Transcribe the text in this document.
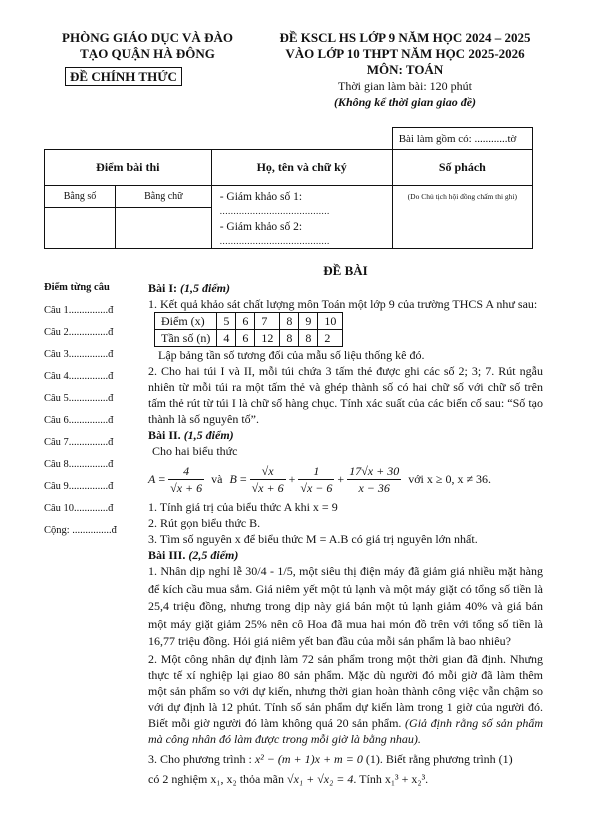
PHÒNG GIÁO DỤC VÀ ĐÀO
TẠO QUẬN HÀ ĐÔNG
ĐỀ CHÍNH THỨC
ĐỀ KSCL HS LỚP 9 NĂM HỌC 2024 – 2025
VÀO LỚP 10 THPT NĂM HỌC 2025-2026
MÔN: TOÁN
Thời gian làm bài: 120 phút
(Không kể thời gian giao đề)
			Bài làm gồm có: ............tờ
Điểm bài thi		Họ, tên và chữ ký	Số phách
Bằng số	Bằng chữ	- Giám khảo số 1:
........................................
- Giám khảo số 2:
........................................	(Do Chủ tịch hội đồng chấm thi ghi)

Điểm từng câu
Câu 1...............đ
Câu 2...............đ
Câu 3...............đ
Câu 4...............đ
Câu 5...............đ
Câu 6...............đ
Câu 7...............đ
Câu 8...............đ
Câu 9...............đ
Câu 10.............đ
Cộng: ...............đ
ĐỀ BÀI
Bài I: (1,5 điểm)
1. Kết quả khảo sát chất lượng môn Toán một lớp 9 của trường THCS A như sau:
Điểm (x)	5	6	7	8	9	10
Tần số (n)	4	6	12	8	8	2
Lập bảng tần số tương đối của mẫu số liệu thống kê đó.
2. Cho hai túi I và II, mỗi túi chứa 3 tấm thẻ được ghi các số 2; 3; 7. Rút ngẫu nhiên từ mỗi túi ra một tấm thẻ và ghép thành số có hai chữ số với chữ số trên tấm thẻ rút từ túi I là chữ số hàng chục. Tính xác suất của các biến cố sau: “Số tạo thành là số nguyên tố”.
Bài II. (1,5 điểm)
Cho hai biểu thức
$A = \frac{4}{√x + 6}$ và $B = \frac{√x}{√x + 6} + \frac{1}{√x - 6} + \frac{17√x + 30}{x - 36}$ với x ≥ 0, x ≠ 36.
1. Tính giá trị của biểu thức A khi x = 9
2. Rút gọn biểu thức B.
3. Tìm số nguyên x để biểu thức M = A.B có giá trị nguyên lớn nhất.
Bài III. (2,5 điểm)
1. Nhân dịp nghỉ lễ 30/4 - 1/5, một siêu thị điện máy đã giảm giá nhiều mặt hàng để kích cầu mua sắm. Giá niêm yết một tủ lạnh và một máy giặt có tổng số tiền là 25,4 triệu đồng, nhưng trong dịp này giá bán một tủ lạnh giảm 40% và giá bán một máy giặt giảm 25% nên cô Hoa đã mua hai món đồ trên với tổng số tiền là 16,77 triệu đồng. Hỏi giá niêm yết ban đầu của mỗi sản phẩm là bao nhiêu?
2. Một công nhân dự định làm 72 sản phẩm trong một thời gian đã định. Nhưng thực tế xí nghiệp lại giao 80 sản phẩm. Mặc dù người đó mỗi giờ đã làm thêm một sản phẩm so với dự kiến, nhưng thời gian hoàn thành công việc vẫn chậm so với dự định là 12 phút. Tính số sản phẩm dự kiến làm trong 1 giờ của người đó. Biết mỗi giờ người đó làm không quá 20 sản phẩm. (Giả định rằng số sản phẩm mà công nhân đó làm được trong mỗi giờ là bằng nhau).
3. Cho phương trình : x² − (m + 1)x + m = 0 (1). Biết rằng phương trình (1)
có 2 nghiệm x₁, x₂ thỏa mãn √x₁ + √x₂ = 4. Tính x₁³ + x₂³.
